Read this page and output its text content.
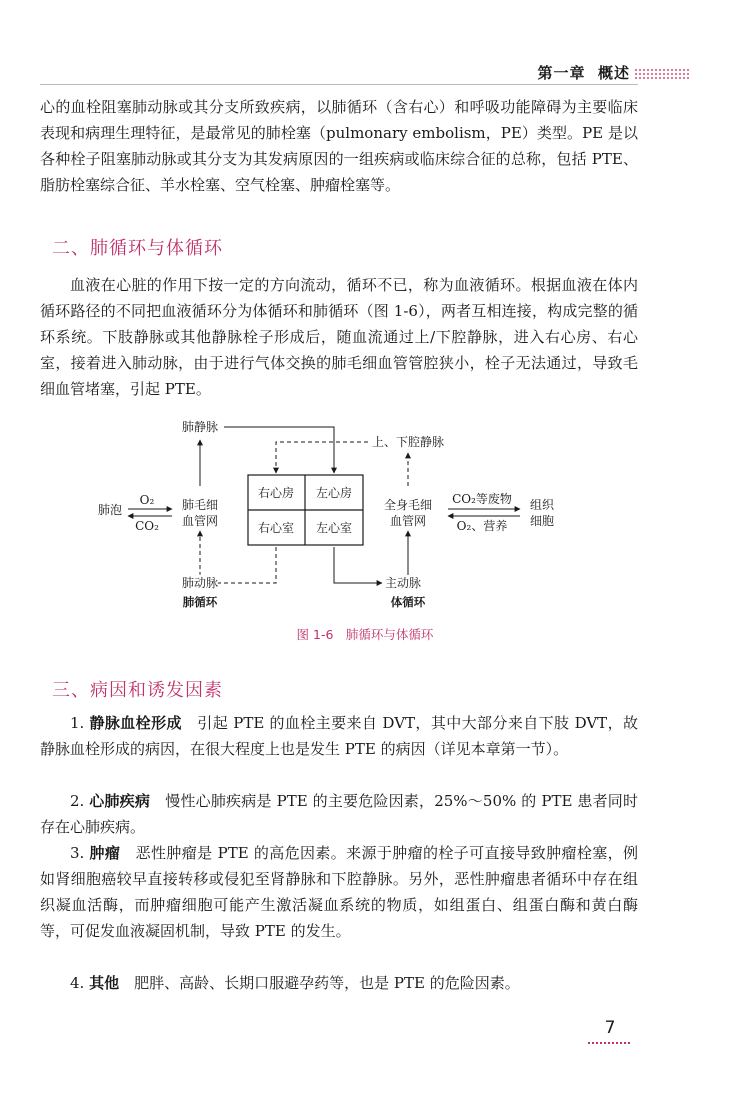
第一章 概述
心的血栓阻塞肺动脉或其分支所致疾病，以肺循环（含右心）和呼吸功能障碍为主要临床表现和病理生理特征，是最常见的肺栓塞（pulmonary embolism，PE）类型。PE 是以各种栓子阻塞肺动脉或其分支为其发病原因的一组疾病或临床综合征的总称，包括 PTE、脂肪栓塞综合征、羊水栓塞、空气栓塞、肿瘤栓塞等。
二、肺循环与体循环
血液在心脏的作用下按一定的方向流动，循环不已，称为血液循环。根据血液在体内循环路径的不同把血液循环分为体循环和肺循环（图 1-6），两者互相连接，构成完整的循环系统。下肢静脉或其他静脉栓子形成后，随血流通过上/下腔静脉，进入右心房、右心室，接着进入肺动脉，由于进行气体交换的肺毛细血管管腔狭小，栓子无法通过，导致毛细血管堵塞，引起 PTE。
右心房 左心房
右心室 左心室
肺静脉
上、下腔静脉
肺泡
O₂
CO₂
肺毛细
血管网
肺动脉
肺循环
主动脉
体循环
全身毛细
血管网
CO₂等废物
O₂、营养
组织
细胞
图 1-6　肺循环与体循环
三、病因和诱发因素
1. 静脉血栓形成　引起 PTE 的血栓主要来自 DVT，其中大部分来自下肢 DVT，故静脉血栓形成的病因，在很大程度上也是发生 PTE 的病因（详见本章第一节）。
2. 心肺疾病　慢性心肺疾病是 PTE 的主要危险因素，25%～50% 的 PTE 患者同时存在心肺疾病。
3. 肿瘤　恶性肿瘤是 PTE 的高危因素。来源于肿瘤的栓子可直接导致肿瘤栓塞，例如肾细胞癌较早直接转移或侵犯至肾静脉和下腔静脉。另外，恶性肿瘤患者循环中存在组织凝血活酶，而肿瘤细胞可能产生激活凝血系统的物质，如组蛋白、组蛋白酶和黄白酶等，可促发血液凝固机制，导致 PTE 的发生。
4. 其他　肥胖、高龄、长期口服避孕药等，也是 PTE 的危险因素。
7
